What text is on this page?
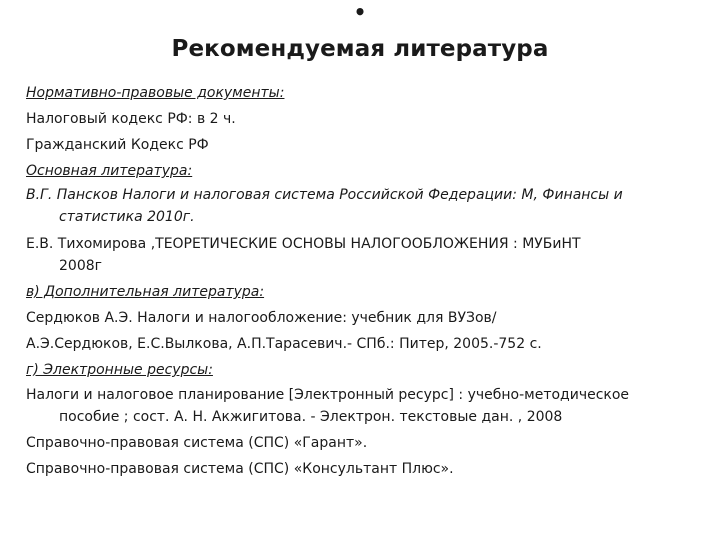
•
Рекомендуемая литература
Нормативно-правовые документы:
Налоговый кодекс РФ: в 2 ч.
Гражданский Кодекс РФ
Основная литература:
В.Г. Пансков Налоги и налоговая система Российской Федерации: М, Финансы и
статистика 2010г.
Е.В. Тихомирова ,ТЕОРЕТИЧЕСКИЕ ОСНОВЫ НАЛОГООБЛОЖЕНИЯ : МУБиНТ
2008г
в) Дополнительная литература:
Сердюков А.Э. Налоги и налогообложение: учебник для ВУЗов/
А.Э.Сердюков, Е.С.Вылкова, А.П.Тарасевич.- СПб.: Питер, 2005.-752 с.
г) Электронные ресурсы:
Налоги и налоговое планирование [Электронный ресурс] : учебно-методическое
пособие ; сост. А. Н. Акжигитова. - Электрон. текстовые дан. , 2008
Справочно-правовая система (СПС) «Гарант».
Справочно-правовая система (СПС) «Консультант Плюс».
